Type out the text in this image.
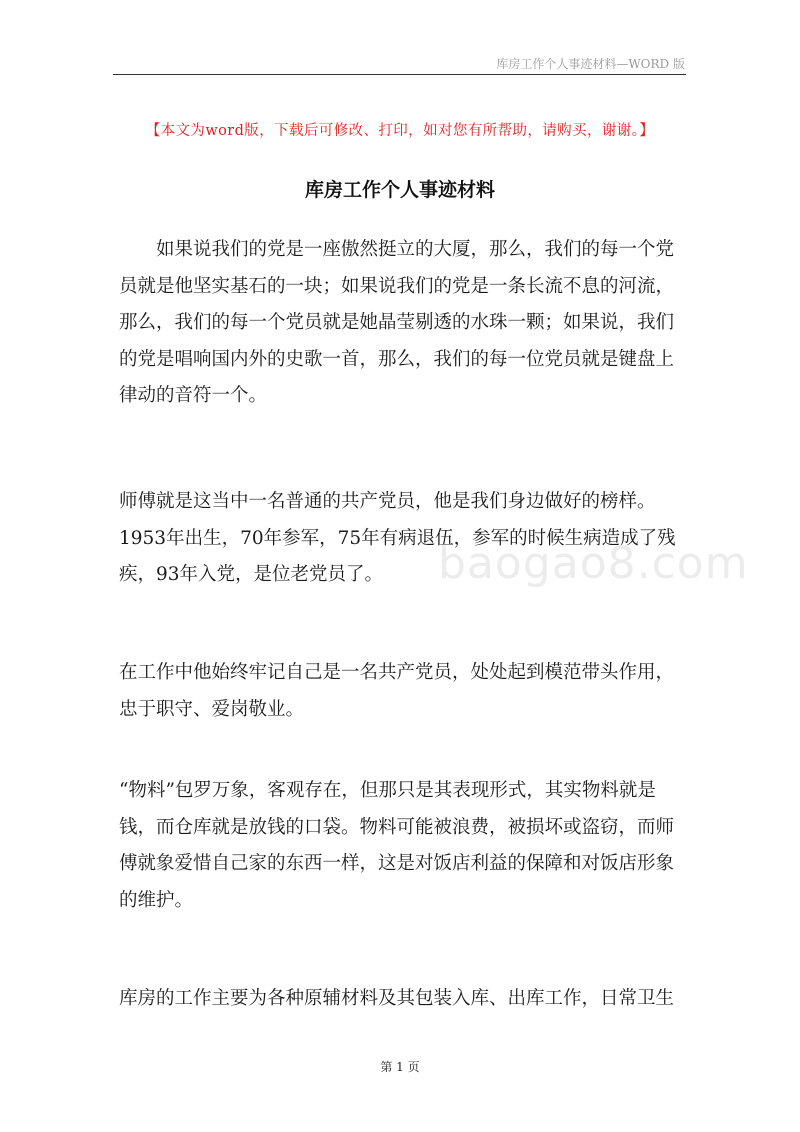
库房工作个人事迹材料—WORD 版
【本文为word版，下载后可修改、打印，如对您有所帮助，请购买，谢谢。】
库房工作个人事迹材料

如果说我们的党是一座傲然挺立的大厦，那么，我们的每一个党员就是他坚实基石的一块；如果说我们的党是一条长流不息的河流，那么，我们的每一个党员就是她晶莹剔透的水珠一颗；如果说，我们的党是唱响国内外的史歌一首，那么，我们的每一位党员就是键盘上律动的音符一个。

师傅就是这当中一名普通的共产党员，他是我们身边做好的榜样。1953年出生，70年参军，75年有病退伍，参军的时候生病造成了残疾，93年入党，是位老党员了。

在工作中他始终牢记自己是一名共产党员，处处起到模范带头作用，忠于职守、爱岗敬业。

“物料”包罗万象，客观存在，但那只是其表现形式，其实物料就是钱，而仓库就是放钱的口袋。物料可能被浪费，被损坏或盗窃，而师傅就象爱惜自己家的东西一样，这是对饭店利益的保障和对饭店形象的维护。

库房的工作主要为各种原辅材料及其包装入库、出库工作，日常卫生

baogao8.com
第 1 页
